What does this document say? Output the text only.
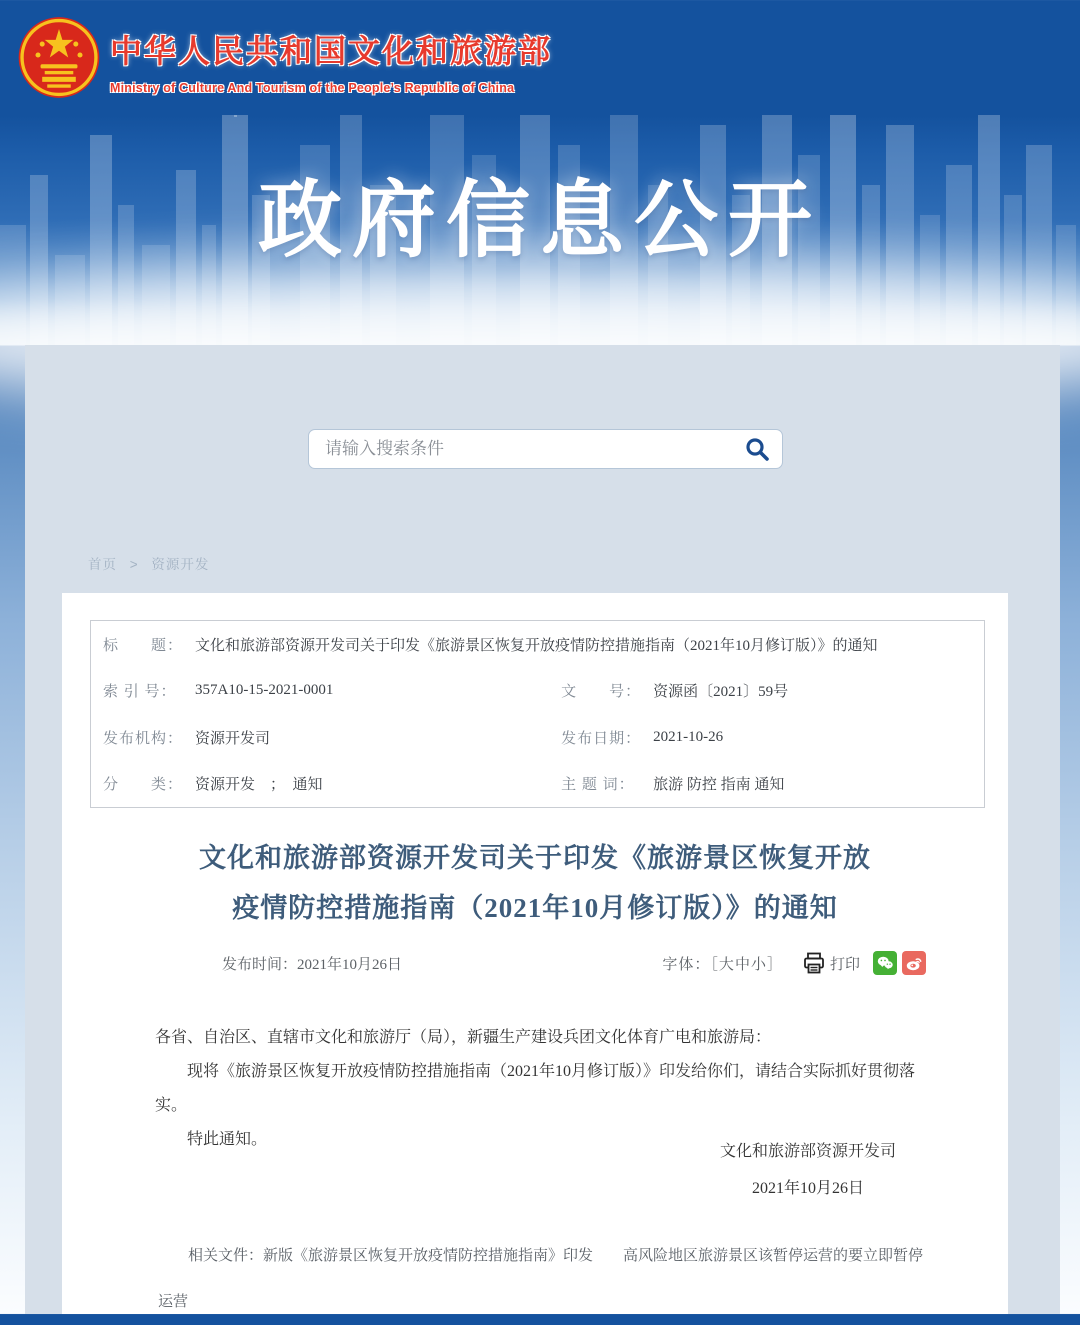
中华人民共和国文化和旅游部
Ministry of Culture And Tourism of the People’s Republic of China
政府信息公开
请输入搜索条件
首页 > 资源开发
标　　题： 文化和旅游部资源开发司关于印发《旅游景区恢复开放疫情防控措施指南（2021年10月修订版）》的通知
索 引 号：	357A10-15-2021-0001	文　　号： 资源函〔2021〕59号
发布机构： 资源开发司	发布日期： 2021-10-26
分　　类： 资源开发　；　通知	主 题 词：	旅游 防控 指南 通知
文化和旅游部资源开发司关于印发《旅游景区恢复开放
疫情防控措施指南（2021年10月修订版）》的通知
发布时间：2021年10月26日	字体：［大中小］	打印

各省、自治区、直辖市文化和旅游厅（局），新疆生产建设兵团文化体育广电和旅游局：

现将《旅游景区恢复开放疫情防控措施指南（2021年10月修订版）》印发给你们，请结合实际抓好贯彻落实。

特此通知。

文化和旅游部资源开发司
2021年10月26日
相关文件：新版《旅游景区恢复开放疫情防控措施指南》印发 高风险地区旅游景区该暂停运营的要立即暂停运营
